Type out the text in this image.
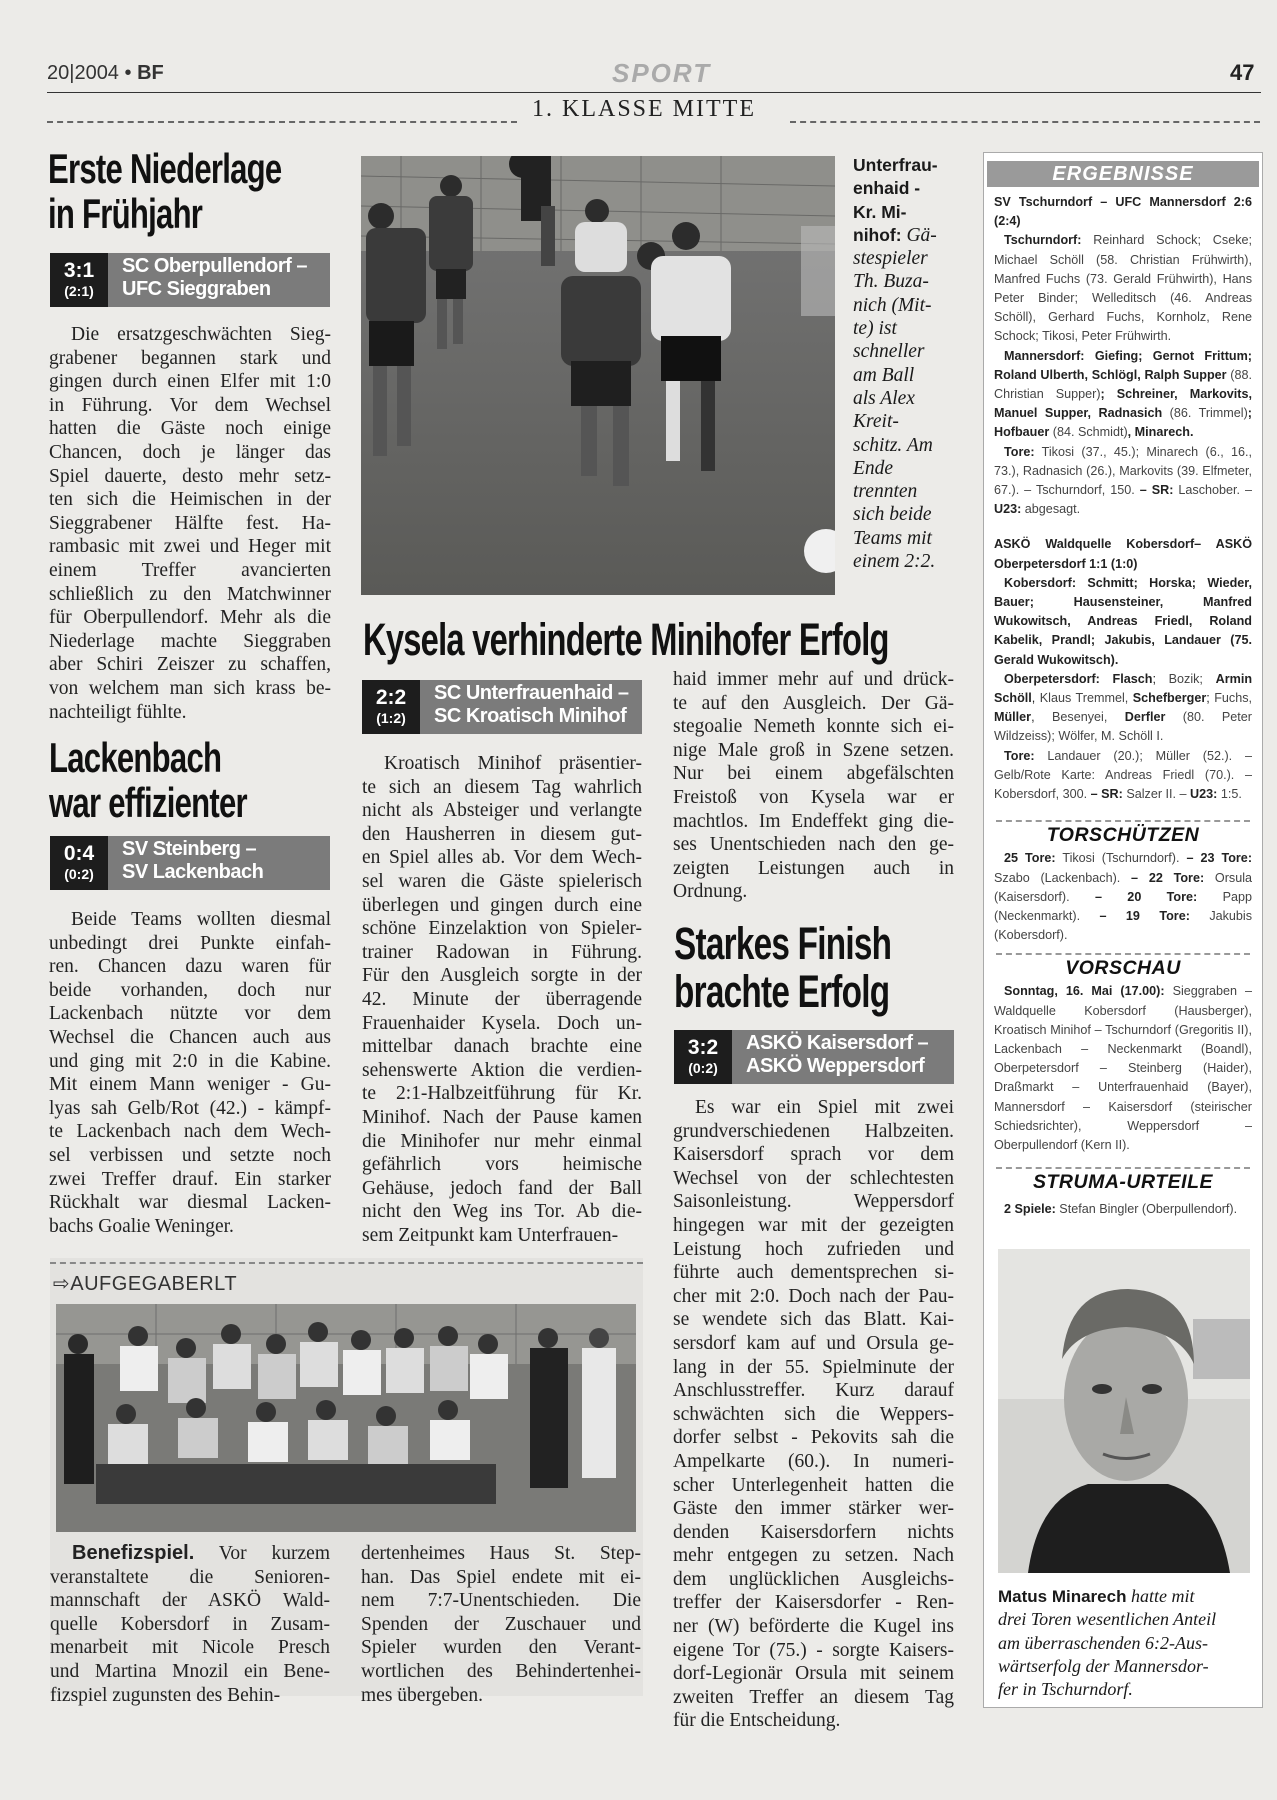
20|2004 • BF	SPORT	47
1. KLASSE MITTE
Erste Niederlage
in Frühjahr
3:1
(2:1)
SC Oberpullendorf –
UFC Sieggraben
Die ersatzgeschwächten Sieg-
grabener begannen stark und
gingen durch einen Elfer mit 1:0
in Führung. Vor dem Wechsel
hatten die Gäste noch einige
Chancen, doch je länger das
Spiel dauerte, desto mehr setz-
ten sich die Heimischen in der
Sieggrabener Hälfte fest. Ha-
rambasic mit zwei und Heger mit
einem Treffer avancierten
schließlich zu den Matchwinner
für Oberpullendorf. Mehr als die
Niederlage machte Sieggraben
aber Schiri Zeiszer zu schaffen,
von welchem man sich krass be-
nachteiligt fühlte.
Lackenbach
war effizienter
0:4
(0:2)
SV Steinberg –
SV Lackenbach
Beide Teams wollten diesmal
unbedingt drei Punkte einfah-
ren. Chancen dazu waren für
beide vorhanden, doch nur
Lackenbach nützte vor dem
Wechsel die Chancen auch aus
und ging mit 2:0 in die Kabine.
Mit einem Mann weniger - Gu-
lyas sah Gelb/Rot (42.) - kämpf-
te Lackenbach nach dem Wech-
sel verbissen und setzte noch
zwei Treffer drauf. Ein starker
Rückhalt war diesmal Lacken-
bachs Goalie Weninger.
Unterfrau-
enhaid -
Kr. Mi-
nihof: Gä-
stespieler
Th. Buza-
nich (Mit-
te) ist
schneller
am Ball
als Alex
Kreit-
schitz. Am
Ende
trennten
sich beide
Teams mit
einem 2:2.
Kysela verhinderte Minihofer Erfolg
2:2
(1:2)
SC Unterfrauenhaid –
SC Kroatisch Minihof
Kroatisch Minihof präsentier-
te sich an diesem Tag wahrlich
nicht als Absteiger und verlangte
den Hausherren in diesem gut-
en Spiel alles ab. Vor dem Wech-
sel waren die Gäste spielerisch
überlegen und gingen durch eine
schöne Einzelaktion von Spieler-
trainer Radowan in Führung.
Für den Ausgleich sorgte in der
42. Minute der überragende
Frauenhaider Kysela. Doch un-
mittelbar danach brachte eine
sehenswerte Aktion die verdien-
te 2:1-Halbzeitführung für Kr.
Minihof. Nach der Pause kamen
die Minihofer nur mehr einmal
gefährlich vors heimische
Gehäuse, jedoch fand der Ball
nicht den Weg ins Tor. Ab die-
sem Zeitpunkt kam Unterfrauen-
haid immer mehr auf und drück-
te auf den Ausgleich. Der Gä-
stegoalie Nemeth konnte sich ei-
nige Male groß in Szene setzen.
Nur bei einem abgefälschten
Freistoß von Kysela war er
machtlos. Im Endeffekt ging die-
ses Unentschieden nach den ge-
zeigten Leistungen auch in
Ordnung.
Starkes Finish
brachte Erfolg
3:2
(0:2)
ASKÖ Kaisersdorf –
ASKÖ Weppersdorf
Es war ein Spiel mit zwei
grundverschiedenen Halbzeiten.
Kaisersdorf sprach vor dem
Wechsel von der schlechtesten
Saisonleistung. Weppersdorf
hingegen war mit der gezeigten
Leistung hoch zufrieden und
führte auch dementsprechen si-
cher mit 2:0. Doch nach der Pau-
se wendete sich das Blatt. Kai-
sersdorf kam auf und Orsula ge-
lang in der 55. Spielminute der
Anschlusstreffer. Kurz darauf
schwächten sich die Weppers-
dorfer selbst - Pekovits sah die
Ampelkarte (60.). In numeri-
scher Unterlegenheit hatten die
Gäste den immer stärker wer-
denden Kaisersdorfern nichts
mehr entgegen zu setzen. Nach
dem unglücklichen Ausgleichs-
treffer der Kaisersdorfer - Ren-
ner (W) beförderte die Kugel ins
eigene Tor (75.) - sorgte Kaisers-
dorf-Legionär Orsula mit seinem
zweiten Treffer an diesem Tag
für die Entscheidung.
⇨AUFGEGABERLT
Benefizspiel. Vor kurzem
veranstaltete die Senioren-
mannschaft der ASKÖ Wald-
quelle Kobersdorf in Zusam-
menarbeit mit Nicole Presch
und Martina Mnozil ein Bene-
fizspiel zugunsten des Behin-
dertenheimes Haus St. Step-
han. Das Spiel endete mit ei-
nem 7:7-Unentschieden. Die
Spenden der Zuschauer und
Spieler wurden den Verant-
wortlichen des Behindertenhei-
mes übergeben.
ERGEBNISSE
SV Tschurndorf – UFC Mannersdorf 2:6 (2:4)
Tschurndorf: Reinhard Schock; Cseke; Michael Schöll (58. Christian Frühwirth), Manfred Fuchs (73. Gerald Frühwirth), Hans Peter Binder; Welleditsch (46. Andreas Schöll), Gerhard Fuchs, Kornholz, Rene Schock; Tikosi, Peter Frühwirth.
Mannersdorf: Giefing; Gernot Frittum; Roland Ulberth, Schlögl, Ralph Supper (88. Christian Supper); Schreiner, Markovits, Manuel Supper, Radnasich (86. Trimmel); Hofbauer (84. Schmidt), Minarech.
Tore: Tikosi (37., 45.); Minarech (6., 16., 73.), Radnasich (26.), Markovits (39. Elfmeter, 67.). – Tschurndorf, 150. – SR: Laschober. – U23: abgesagt.
ASKÖ Waldquelle Kobersdorf– ASKÖ Oberpetersdorf 1:1 (1:0)
Kobersdorf: Schmitt; Horska; Wieder, Bauer; Hausensteiner, Manfred Wukowitsch, Andreas Friedl, Roland Kabelik, Prandl; Jakubis, Landauer (75. Gerald Wukowitsch).
Oberpetersdorf: Flasch; Bozik; Armin Schöll, Klaus Tremmel, Schefberger; Fuchs, Müller, Besenyei, Derfler (80. Peter Wildzeiss); Wölfer, M. Schöll I.
Tore: Landauer (20.); Müller (52.). – Gelb/Rote Karte: Andreas Friedl (70.). – Kobersdorf, 300. – SR: Salzer II. – U23: 1:5.
TORSCHÜTZEN
25 Tore: Tikosi (Tschurndorf). – 23 Tore: Szabo (Lackenbach). – 22 Tore: Orsula (Kaisersdorf). – 20 Tore: Papp (Neckenmarkt). – 19 Tore: Jakubis (Kobersdorf).
VORSCHAU
Sonntag, 16. Mai (17.00): Sieggraben – Waldquelle Kobersdorf (Hausberger), Kroatisch Minihof – Tschurndorf (Gregoritis II), Lackenbach – Neckenmarkt (Boandl), Oberpetersdorf – Steinberg (Haider), Draßmarkt – Unterfrauenhaid (Bayer), Mannersdorf – Kaisersdorf (steirischer Schiedsrichter), Weppersdorf – Oberpullendorf (Kern II).
STRUMA-URTEILE
2 Spiele: Stefan Bingler (Oberpullendorf).
Matus Minarech hatte mit
drei Toren wesentlichen Anteil
am überraschenden 6:2-Aus-
wärtserfolg der Mannersdor-
fer in Tschurndorf.
